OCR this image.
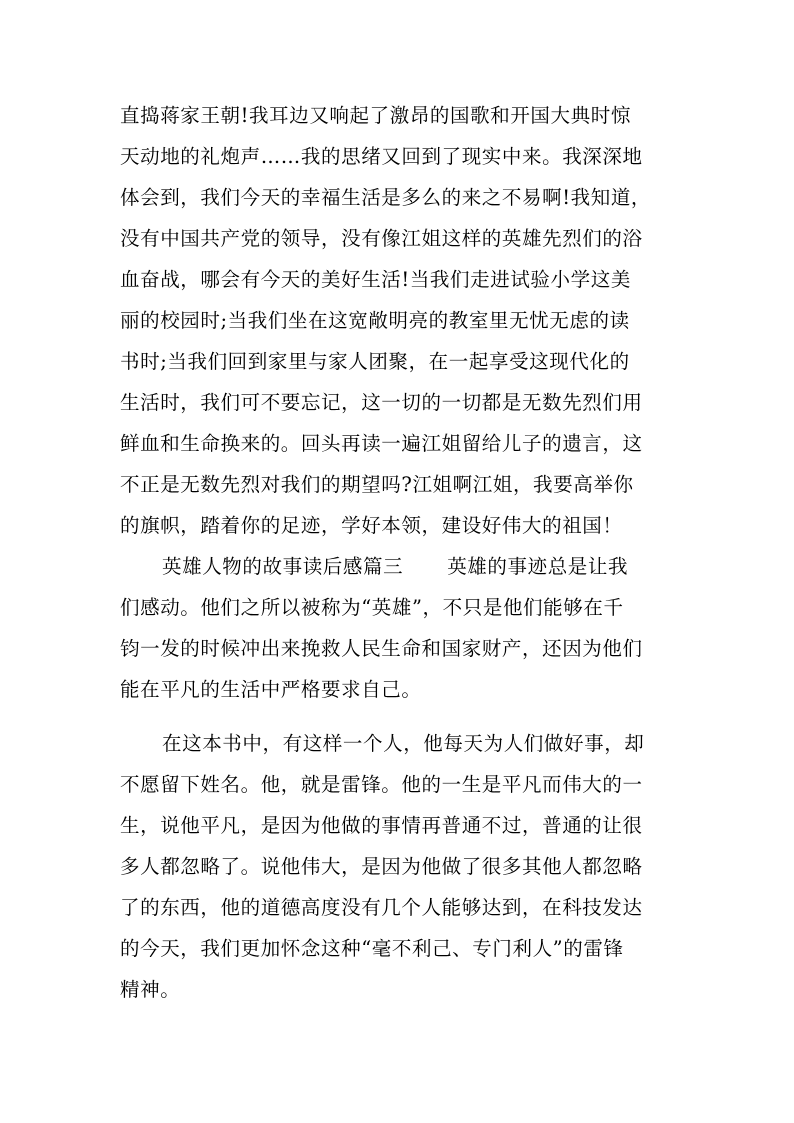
直捣蒋家王朝!我耳边又响起了激昂的国歌和开国大典时惊
天动地的礼炮声……我的思绪又回到了现实中来。我深深地
体会到，我们今天的幸福生活是多么的来之不易啊!我知道，
没有中国共产党的领导，没有像江姐这样的英雄先烈们的浴
血奋战，哪会有今天的美好生活!当我们走进试验小学这美
丽的校园时;当我们坐在这宽敞明亮的教室里无忧无虑的读
书时;当我们回到家里与家人团聚，在一起享受这现代化的
生活时，我们可不要忘记，这一切的一切都是无数先烈们用
鲜血和生命换来的。回头再读一遍江姐留给儿子的遗言，这
不正是无数先烈对我们的期望吗?江姐啊江姐，我要高举你
的旗帜，踏着你的足迹，学好本领，建设好伟大的祖国！
英雄人物的故事读后感篇三 英雄的事迹总是让我
们感动。他们之所以被称为“英雄”，不只是他们能够在千
钧一发的时候冲出来挽救人民生命和国家财产，还因为他们
能在平凡的生活中严格要求自己。
在这本书中，有这样一个人，他每天为人们做好事，却
不愿留下姓名。他，就是雷锋。他的一生是平凡而伟大的一
生，说他平凡，是因为他做的事情再普通不过，普通的让很
多人都忽略了。说他伟大，是因为他做了很多其他人都忽略
了的东西，他的道德高度没有几个人能够达到，在科技发达
的今天，我们更加怀念这种“毫不利己、专门利人”的雷锋
精神。
